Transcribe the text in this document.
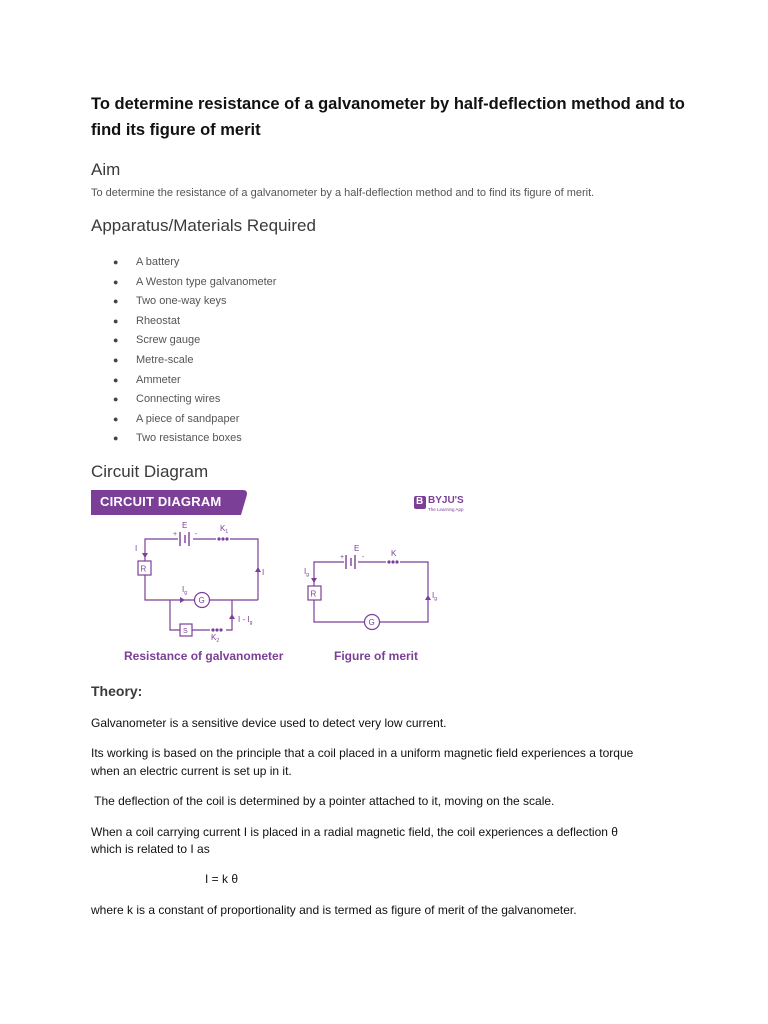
To determine resistance of a galvanometer by half-deflection method and to
find its figure of merit
Aim
To determine the resistance of a galvanometer by a half-deflection method and to find its figure of merit.
Apparatus/Materials Required
● A battery
● A Weston type galvanometer
● Two one-way keys
● Rheostat
● Screw gauge
● Metre-scale
● Ammeter
● Connecting wires
● A piece of sandpaper
● Two resistance boxes
Circuit Diagram
CIRCUIT DIAGRAM	B BYJU'S
The Learning App
E
+	-
$K_1$
I
R
$I_g$
G
I
I - $I_g$
S
$K_2$
E
+	-	K
$I_g$
R
G
$I_g$
Resistance of galvanometer	Figure of merit
Theory:
Galvanometer is a sensitive device used to detect very low current.
Its working is based on the principle that a coil placed in a uniform magnetic field experiences a torque
when an electric current is set up in it.
The deflection of the coil is determined by a pointer attached to it, moving on the scale.
When a coil carrying current I is placed in a radial magnetic field, the coil experiences a deflection θ
which is related to I as
I = k θ
where k is a constant of proportionality and is termed as figure of merit of the galvanometer.
